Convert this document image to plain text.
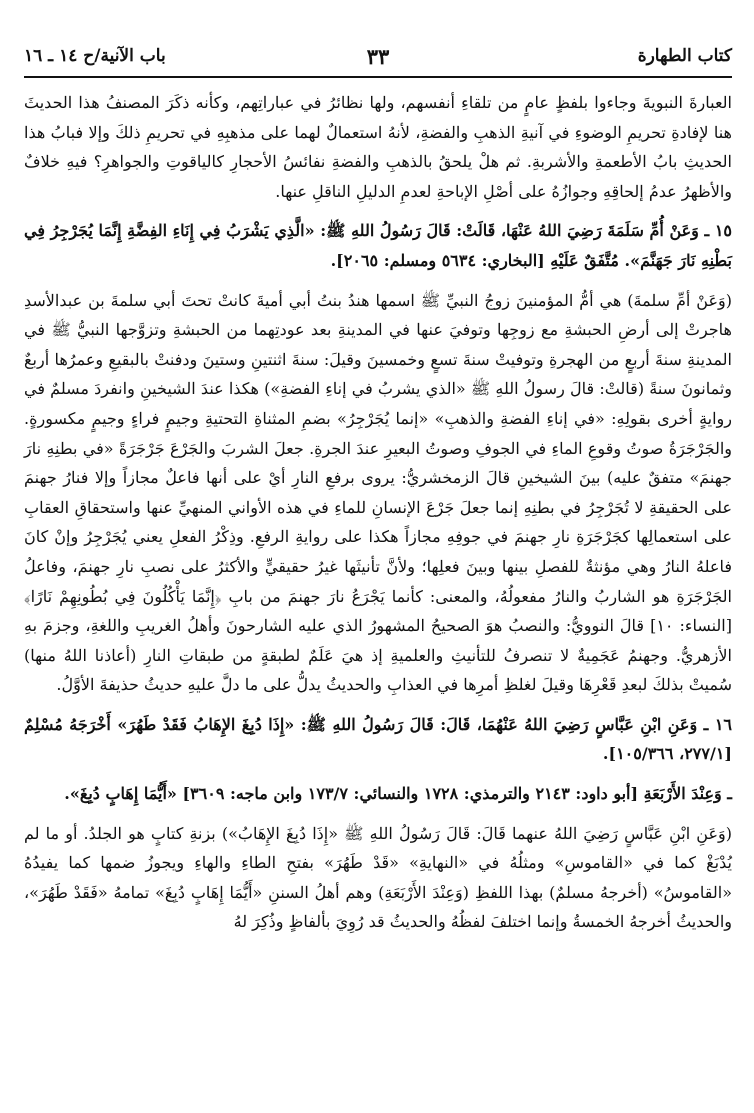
كتاب الطهارة
٣٣
باب الآنية/ح ١٤ ـ ١٦

العبارةَ النبويةَ وجاءوا بلفظٍ عامٍ من تلقاءِ أنفسهم، ولها نظائرُ في عباراتِهم، وكأنه ذكَرَ المصنفُ هذا الحديثَ هنا لإفادةِ تحريمِ الوضوءِ في آنيةِ الذهبِ والفضةِ، لأنهُ استعمالٌ لهما على مذهبِهِ في تحريمِ ذلكَ وإلا فبابُ هذا الحديثِ بابُ الأطعمةِ والأشربةِ. ثم هلْ يلحقُ بالذهبِ والفضةِ نفائسُ الأحجارِ كالياقوتِ والجواهرِ؟ فيهِ خلافٌ والأظهرُ عدمُ إلحاقِهِ وجوازُهُ على أصْلِ الإباحةِ لعدمِ الدليلِ الناقلِ عنها.

١٥ ـ وَعَنْ أُمِّ سَلَمَةَ رَضِيَ اللهُ عَنْهَا، قَالَتْ: قَالَ رَسُولُ اللهِ ﷺ: «الَّذِي يَشْرَبُ فِي إِنَاءِ الفِضَّةِ إِنَّمَا يُجَرْجِرُ فِي بَطْنِهِ نَارَ جَهَنَّمَ». مُتَّفَقٌ عَلَيْهِ [البخاري: ٥٦٣٤ ومسلم: ٢٠٦٥].

(وَعَنْ أمِّ سلمةَ) هي أمُّ المؤمنينَ زوجُ النبيِّ ﷺ اسمها هندُ بنتُ أبي أميةَ كانتْ تحتَ أبي سلمةَ بن عبدالأسدِ هاجرتْ إلى أرضِ الحبشةِ مع زوجِها وتوفيَ عنها في المدينةِ بعد عودتِهما من الحبشةِ وتزوَّجها النبيُّ ﷺ في المدينةِ سنةَ أربعٍ من الهجرةِ وتوفيتْ سنةَ تسعٍ وخمسينَ وقيلَ: سنةَ اثنتينِ وستينَ ودفنتْ بالبقيعِ وعمرُها أربعٌ وثمانونَ سنةً (قالتْ: قالَ رسولُ اللهِ ﷺ «الذي يشربُ في إناءِ الفضةِ») هكذا عندَ الشيخينِ وانفردَ مسلمٌ في روايةٍ أخرى بقولِهِ: «في إناءِ الفضةِ والذهبِ» «إنما يُجَرْجِرُ» بضمِ المثناةِ التحتيةِ وجيمٍ فراءٍ وجيمٍ مكسورةٍ. والجَرْجَرَةُ صوتُ وقوعِ الماءِ في الجوفِ وصوتُ البعيرِ عندَ الجرةِ. جعلَ الشربَ والجَرْعَ جَرْجَرَةً «في بطنِهِ نارَ جهنمَ» متفقٌ عليه) بينَ الشيخينِ قالَ الزمخشريُّ: يروى برفعِ النارِ أيْ على أنها فاعلٌ مجازاً وإلا فنارُ جهنمَ على الحقيقةِ لا تُجَرْجِرُ في بطنِهِ إنما جعلَ جَرْعَ الإنسانِ للماءِ في هذه الأواني المنهيِّ عنها واستحقاقِ العقابِ على استعمالِها كجَرْجَرَةِ نارِ جهنمَ في جوفِهِ مجازاً هكذا على روايةِ الرفعِ. وذِكْرُ الفعلِ يعني يُجَرْجِرُ وإنْ كانَ فاعلهُ النارُ وهي مؤنثةٌ للفصلِ بينها وبينَ فعلِها؛ ولأنَّ تأنيثَها غيرُ حقيقيٍّ والأكثرُ على نصبِ نارِ جهنمَ، وفاعلُ الجَرْجَرَةِ هو الشاربُ والنارُ مفعولُهُ، والمعنى: كأنما يَجْرَعُ نارَ جهنمَ من بابِ ﴿إِنَّمَا يَأْكُلُونَ فِي بُطُونِهِمْ نَارًا﴾ [النساء: ١٠] قالَ النوويُّ: والنصبُ هوَ الصحيحُ المشهورُ الذي عليه الشارحونَ وأهلُ الغريبِ واللغةِ، وجزمَ بهِ الأزهريُّ. وجهنمُ عَجَمِيةٌ لا تنصرفُ للتأنيثِ والعلميةِ إذ هيَ عَلَمٌ لطبقةٍ من طبقاتِ النارِ (أعاذنا اللهُ منها) سُميتْ بذلكَ لبعدِ قَعْرِهَا وقيلَ لغلظِ أمرِها في العذابِ والحديثُ يدلُّ على ما دلَّ عليهِ حديثُ حذيفةَ الأوَّلُ.

١٦ ـ وَعَنِ ابْنِ عَبَّاسٍ رَضِيَ اللهُ عَنْهُمَا، قَالَ: قَالَ رَسُولُ اللهِ ﷺ: «إِذَا دُبِغَ الإِهَابُ فَقَدْ طَهُرَ» أَخْرَجَهُ مُسْلِمٌ [٢٧٧/١، ١٠٥/٣٦٦].

ـ وَعِنْدَ الأَرْبَعَةِ [أبو داود: ٢١٤٣ والترمذي: ١٧٢٨ والنسائي: ١٧٣/٧ وابن ماجه: ٣٦٠٩] «أَيُّمَا إِهَابٍ دُبِغَ».

(وَعَنِ ابْنِ عَبَّاسٍ رَضِيَ اللهُ عنهما قَالَ: قَالَ رَسُولُ اللهِ ﷺ «إِذَا دُبِغَ الإِهَابُ») بزنةِ كتابٍ هو الجلدُ. أو ما لم يُدْبَغْ كما في «القاموسِ» ومثلُهُ في «النهايةِ» «قَدْ طَهُرَ» بفتحِ الطاءِ والهاءِ ويجوزُ ضمها كما يفيدُهُ «القاموسُ» (أخرجهُ مسلمٌ) بهذا اللفظِ (وَعِنْدَ الأَرْبَعَةِ) وهم أهلُ السننِ «أَيُّمَا إِهَابٍ دُبِغَ» تمامهُ «فَقَدْ طَهُرَ»، والحديثُ أخرجهُ الخمسةُ وإنما اختلفَ لفظُهُ والحديثُ قد رُوِيَ بألفاظٍ وذُكِرَ لهُ
